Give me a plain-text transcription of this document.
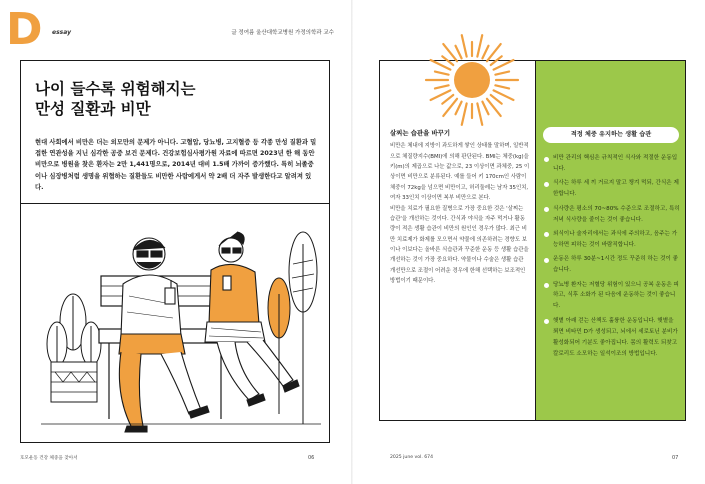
D essay	글 정여름 울산대학교병원 가정의학과 교수
나이 들수록 위험해지는
만성 질환과 비만
현대 사회에서 비만은 더는 외모만의 문제가 아니다. 고혈압, 당뇨병, 고지혈증 등 각종 만성 질환과 밀접한 연관성을 지닌 심각한 공중 보건 문제다. 건강보험심사평가원 자료에 따르면 2023년 한 해 동안 비만으로 병원을 찾은 환자는 2만 1,441명으로, 2014년 대비 1.5배 가까이 증가했다. 특히 뇌졸중이나 심장병처럼 생명을 위협하는 질환들도 비만한 사람에게서 약 2배 더 자주 발생한다고 알려져 있다.
호모운동 건강 체중을 찾아서	06
살찌는 습관을 바꾸기

비만은 체내에 지방이 과도하게 쌓인 상태를 말하며, 일반적으로 체질량지수(BMI)에 의해 판단된다. BMI는 체중(kg)을 키(m)의 제곱으로 나눈 값으로, 23 이상이면 과체중, 25 이상이면 비만으로 분류된다. 예를 들어 키 170cm인 사람이 체중이 72kg을 넘으면 비만이고, 허리둘레는 남자 35인치, 여자 33인치 이상이면 복부 비만으로 본다.

비만을 치료가 필요한 질병으로 가장 중요한 것은 '살찌는 습관'을 개선하는 것이다. 간식과 야식을 자주 먹거나 활동량이 적은 생활 습관이 비만의 원인인 경우가 많다. 최근 비만 치료제가 화제를 모으면서 약물에 의존하려는 경향도 보이나 이보다는 올바른 식습관과 꾸준한 운동 등 생활 습관을 개선하는 것이 가장 중요하다. 약물이나 수술은 생활 습관 개선만으로 조절이 어려운 경우에 한해 선택하는 보조적인 방법이기 때문이다.

적정 체중 유지하는 생활 습관
비만 관리의 핵심은 규칙적인 식사와 적절한 운동입니다.
식사는 하루 세 끼 거르지 말고 챙겨 먹되, 간식은 제한합니다.
식사량은 평소의 70~80% 수준으로 조절하고, 특히 저녁 식사량을 줄이는 것이 좋습니다.
외식이나 술자리에서는 과식에 주의하고, 음주는 가능하면 피하는 것이 바람직합니다.
운동은 하루 30분~1시간 정도 꾸준히 하는 것이 좋습니다.
당뇨병 환자는 저혈당 위험이 있으니 공복 운동은 피하고, 식후 소화가 된 다음에 운동하는 것이 좋습니다.
햇볕 아래 걷는 산책도 훌륭한 운동입니다. 햇볕을 쬐면 비타민 D가 생성되고, 뇌에서 세로토닌 분비가 활성화되어 기분도 좋아집니다. 몸의 활력도 되찾고 칼로리도 소모하는 일석이조의 방법입니다.
2025 june vol. 674	07
